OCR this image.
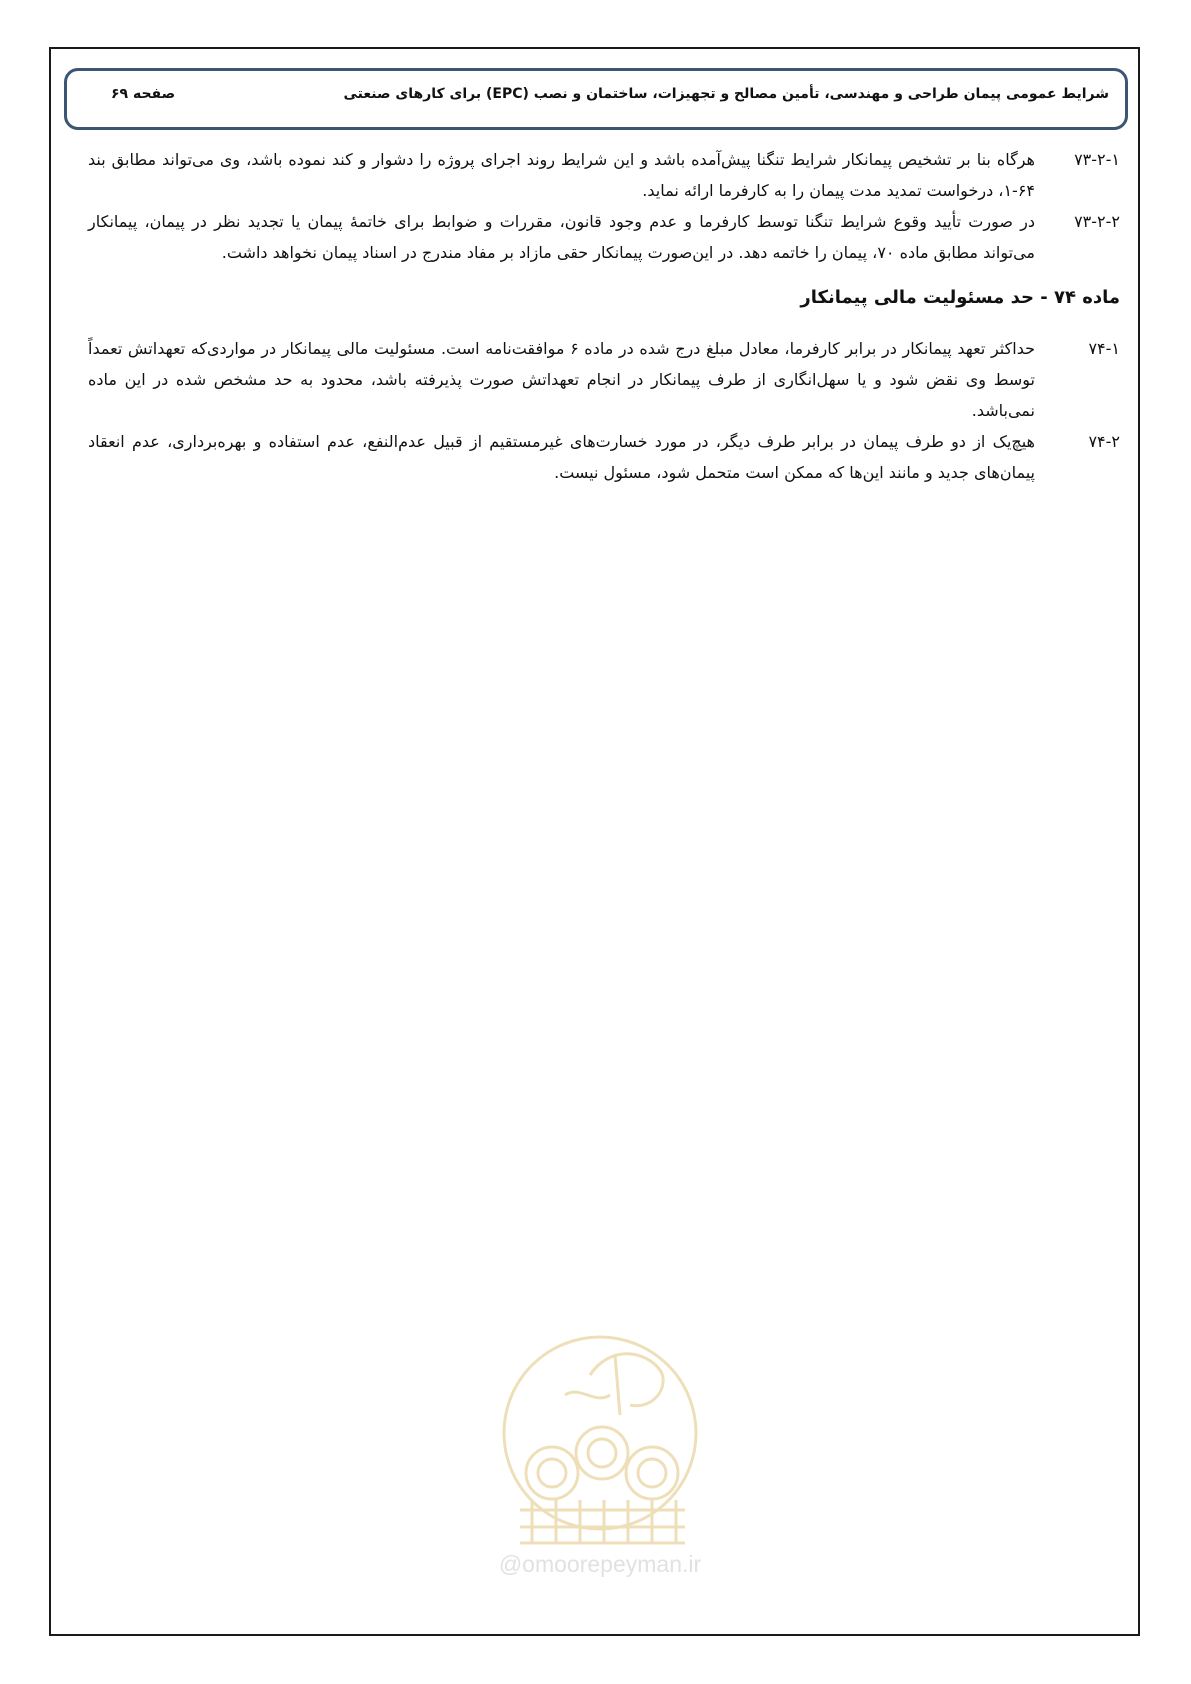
شرایط عمومی پیمان طراحی و مهندسی، تأمین مصالح و تجهیزات، ساختمان و نصب (EPC) برای کارهای صنعتی
صفحه ۶۹
۷۳-۲-۱
هرگاه بنا بر تشخیص پیمانکار شرایط تنگنا پیش‌آمده باشد و این شرایط روند اجرای پروژه را دشوار و کند نموده باشد، وی می‌تواند مطابق بند ۶۴-۱، درخواست تمدید مدت پیمان را به کارفرما ارائه نماید.
۷۳-۲-۲
در صورت تأیید وقوع شرایط تنگنا توسط کارفرما و عدم وجود قانون، مقررات و ضوابط برای خاتمهٔ پیمان یا تجدید نظر در پیمان، پیمانکار می‌تواند مطابق ماده ۷۰، پیمان را خاتمه دهد. در این‌صورت پیمانکار حقی مازاد بر مفاد مندرج در اسناد پیمان نخواهد داشت.
ماده ۷۴ - حد مسئولیت مالی پیمانکار
۷۴-۱
حداکثر تعهد پیمانکار در برابر کارفرما، معادل مبلغ درج شده در ماده ۶ موافقت‌نامه است. مسئولیت مالی پیمانکار در مواردی‌که تعهداتش تعمداً توسط وی نقض شود و یا سهل‌انگاری از طرف پیمانکار در انجام تعهداتش صورت پذیرفته باشد، محدود به حد مشخص شده در این ماده نمی‌باشد.
۷۴-۲
هیچ‌یک از دو طرف پیمان در برابر طرف دیگر، در مورد خسارت‌های غیرمستقیم از قبیل عدم‌النفع، عدم استفاده و بهره‌برداری، عدم انعقاد پیمان‌های جدید و مانند این‌ها که ممکن است متحمل شود، مسئول نیست.
@omoorepeyman.ir
